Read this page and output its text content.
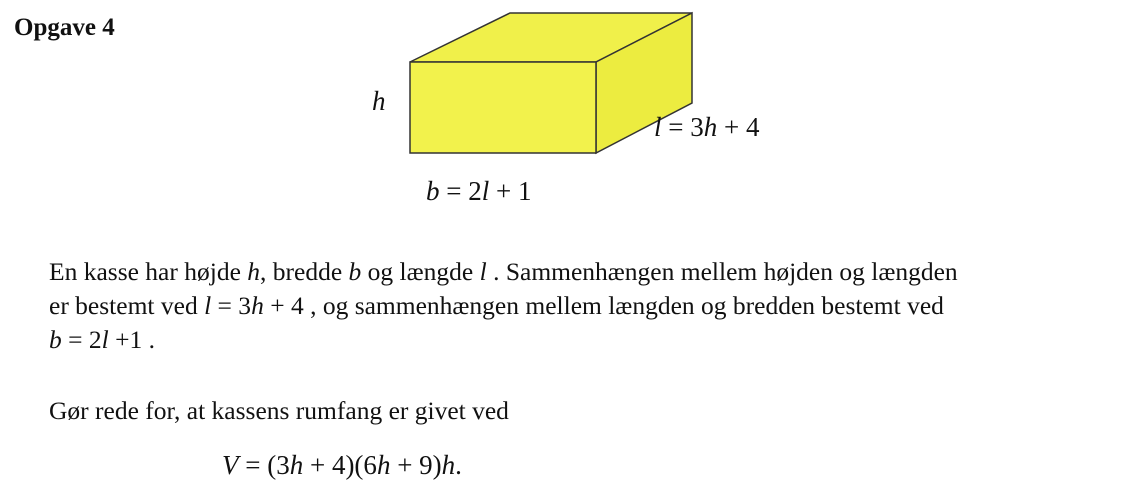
Opgave 4
h
l = 3h + 4
b = 2l + 1
En kasse har højde h, bredde b og længde l . Sammenhængen mellem højden og længden
er bestemt ved l = 3h + 4 , og sammenhængen mellem længden og bredden bestemt ved
b = 2l +1 .
Gør rede for, at kassens rumfang er givet ved
V = (3h + 4)(6h + 9)h.
